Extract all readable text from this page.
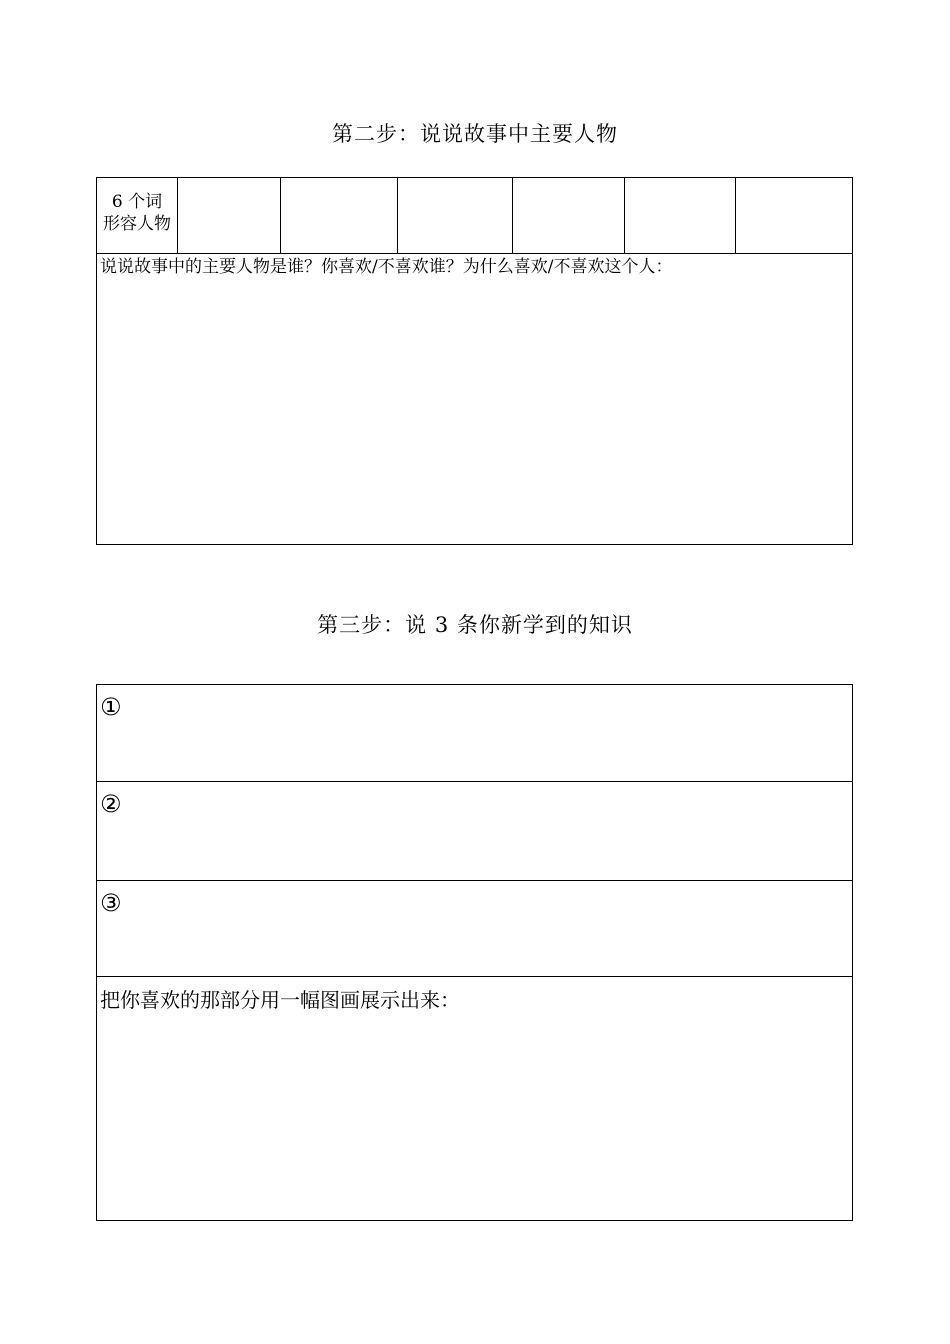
第二步：说说故事中主要人物
6 个词
形容人物
说说故事中的主要人物是谁？你喜欢/不喜欢谁？为什么喜欢/不喜欢这个人：
第三步：说 3 条你新学到的知识
①
②
③
把你喜欢的那部分用一幅图画展示出来：
